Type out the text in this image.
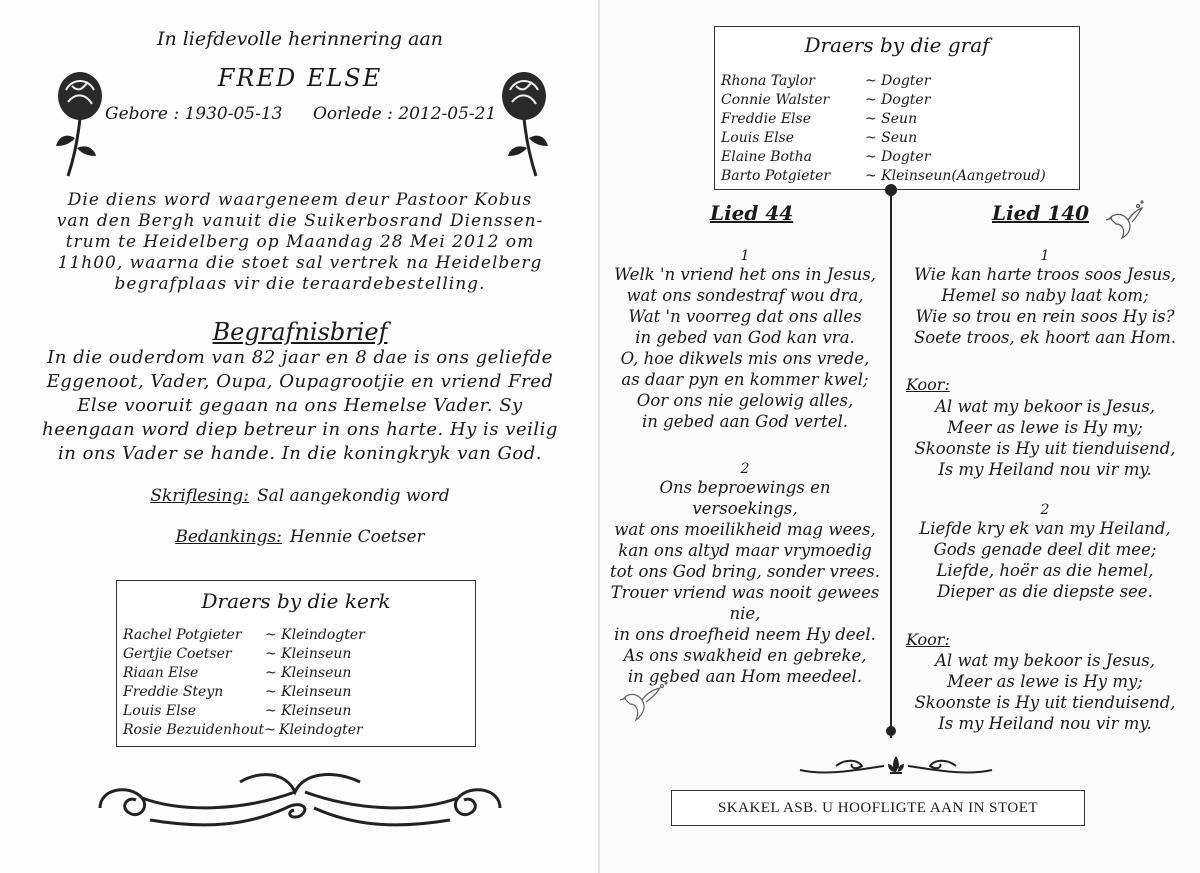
In liefdevolle herinnering aan
FRED ELSE
Gebore : 1930-05-13 Oorlede : 2012-05-21
Die diens word waargeneem deur Pastoor Kobus
van den Bergh vanuit die Suikerbosrand Dienssen-
trum te Heidelberg op Maandag 28 Mei 2012 om
11h00, waarna die stoet sal vertrek na Heidelberg
begrafplaas vir die teraardebestelling.
Begrafnisbrief
In die ouderdom van 82 jaar en 8 dae is ons geliefde
Eggenoot, Vader, Oupa, Oupagrootjie en vriend Fred
Else vooruit gegaan na ons Hemelse Vader. Sy
heengaan word diep betreur in ons harte. Hy is veilig
in ons Vader se hande. In die koningkryk van God.
Skriflesing: Sal aangekondig word
Bedankings: Hennie Coetser
Draers by die kerk
Rachel Potgieter ~ Kleindogter
Gertjie Coetser ~ Kleinseun
Riaan Else	~ Kleinseun
Freddie Steyn	~ Kleinseun
Louis Else	~ Kleinseun
Rosie Bezuidenhout~ Kleindogter
Draers by die graf
Rhona Taylor	~ Dogter
Connie Walster	~ Dogter
Freddie Else	~ Seun
Louis Else	~ Seun
Elaine Botha	~ Dogter
Barto Potgieter ~ Kleinseun(Aangetroud)
Lied 44	Lied 140
1
Welk 'n vriend het ons in Jesus,
wat ons sondestraf wou dra,
Wat 'n voorreg dat ons alles
in gebed van God kan vra.
O, hoe dikwels mis ons vrede,
as daar pyn en kommer kwel;
Oor ons nie gelowig alles,
in gebed aan God vertel.
2
Ons beproewings en versoekings,
wat ons moeilikheid mag wees,
kan ons altyd maar vrymoedig
tot ons God bring, sonder vrees.
Trouer vriend was nooit gewees
nie,
in ons droefheid neem Hy deel.
As ons swakheid en gebreke,
in gebed aan Hom meedeel.
1
Wie kan harte troos soos Jesus,
Hemel so naby laat kom;
Wie so trou en rein soos Hy is?
Soete troos, ek hoort aan Hom.
Koor:
Al wat my bekoor is Jesus,
Meer as lewe is Hy my;
Skoonste is Hy uit tienduisend,
Is my Heiland nou vir my.
2
Liefde kry ek van my Heiland,
Gods genade deel dit mee;
Liefde, hoër as die hemel,
Dieper as die diepste see.
Koor:
Al wat my bekoor is Jesus,
Meer as lewe is Hy my;
Skoonste is Hy uit tienduisend,
Is my Heiland nou vir my.
SKAKEL ASB. U HOOFLIGTE AAN IN STOET
